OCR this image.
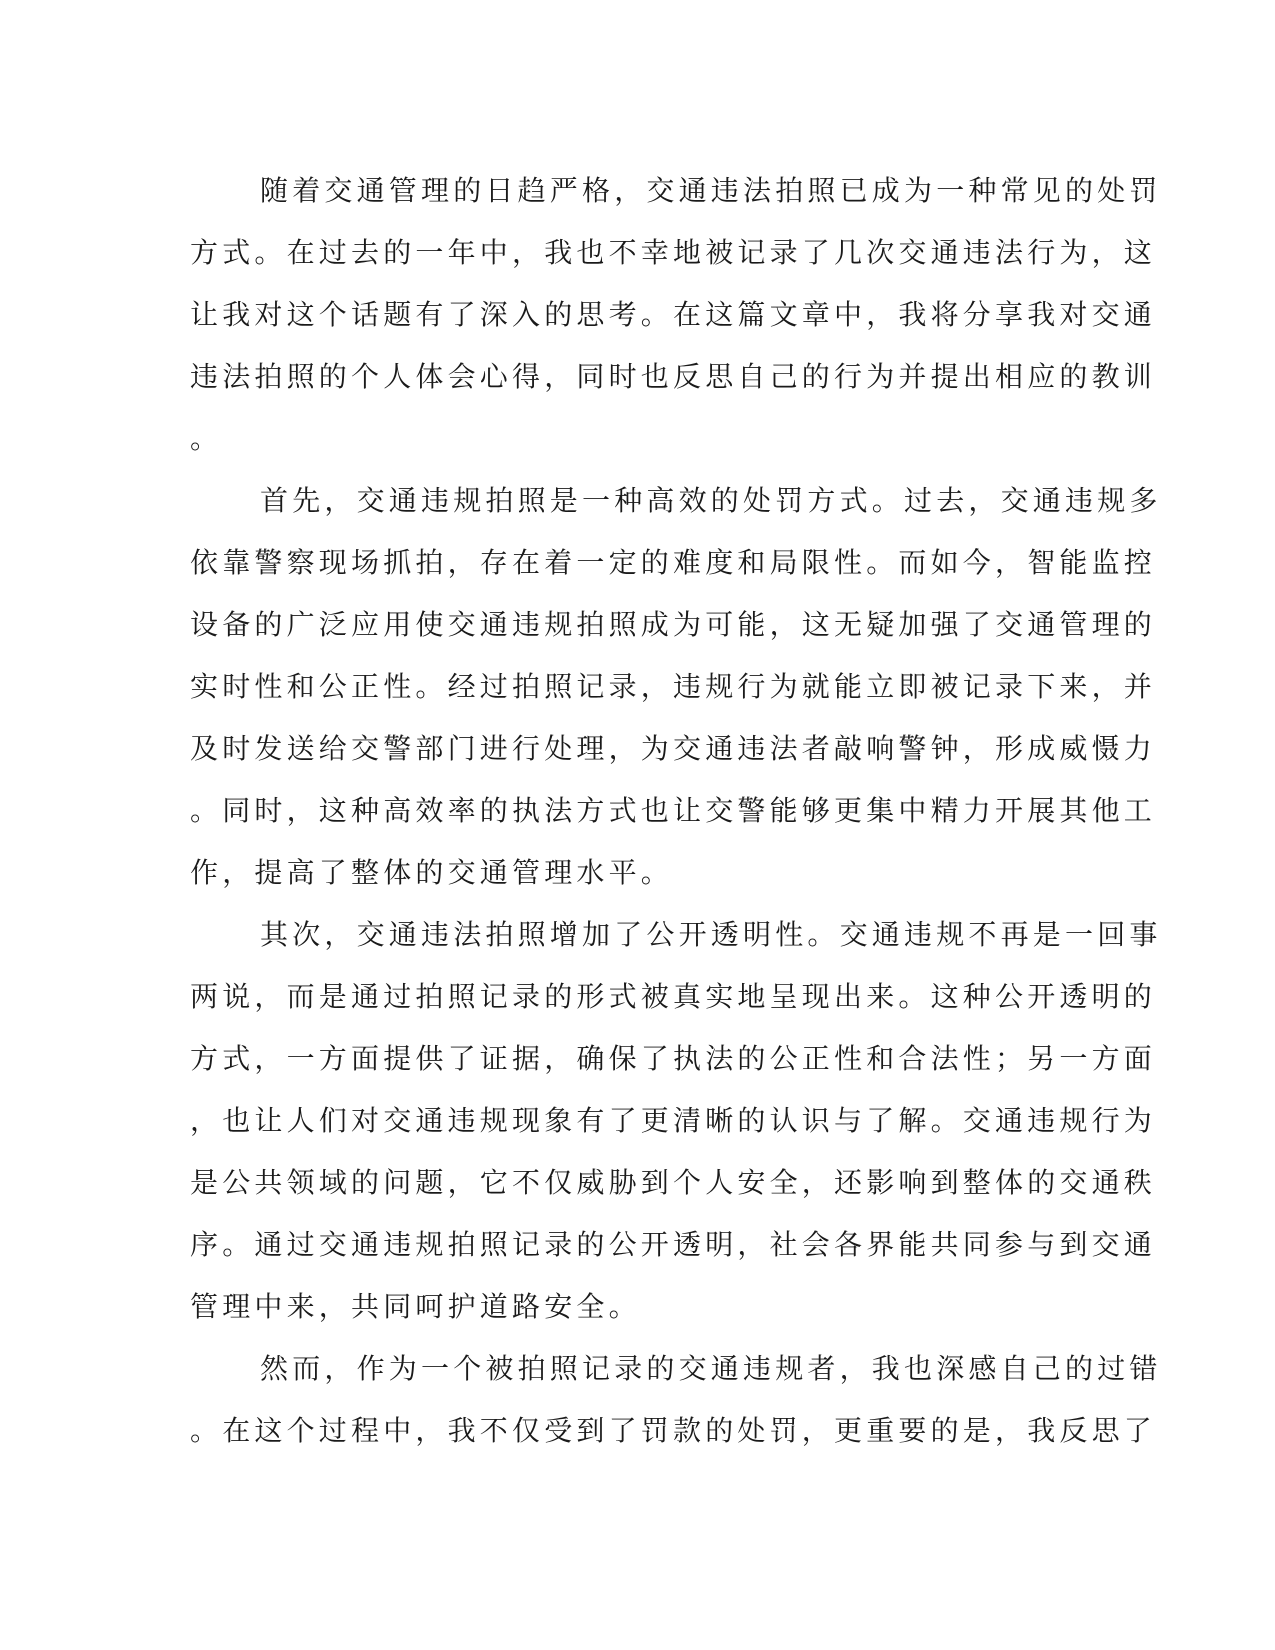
随着交通管理的日趋严格，交通违法拍照已成为一种常见的处罚
方式。在过去的一年中，我也不幸地被记录了几次交通违法行为，这
让我对这个话题有了深入的思考。在这篇文章中，我将分享我对交通
违法拍照的个人体会心得，同时也反思自己的行为并提出相应的教训
。
首先，交通违规拍照是一种高效的处罚方式。过去，交通违规多
依靠警察现场抓拍，存在着一定的难度和局限性。而如今，智能监控
设备的广泛应用使交通违规拍照成为可能，这无疑加强了交通管理的
实时性和公正性。经过拍照记录，违规行为就能立即被记录下来，并
及时发送给交警部门进行处理，为交通违法者敲响警钟，形成威慑力
。同时，这种高效率的执法方式也让交警能够更集中精力开展其他工
作，提高了整体的交通管理水平。
其次，交通违法拍照增加了公开透明性。交通违规不再是一回事
两说，而是通过拍照记录的形式被真实地呈现出来。这种公开透明的
方式，一方面提供了证据，确保了执法的公正性和合法性；另一方面
，也让人们对交通违规现象有了更清晰的认识与了解。交通违规行为
是公共领域的问题，它不仅威胁到个人安全，还影响到整体的交通秩
序。通过交通违规拍照记录的公开透明，社会各界能共同参与到交通
管理中来，共同呵护道路安全。
然而，作为一个被拍照记录的交通违规者，我也深感自己的过错
。在这个过程中，我不仅受到了罚款的处罚，更重要的是，我反思了
